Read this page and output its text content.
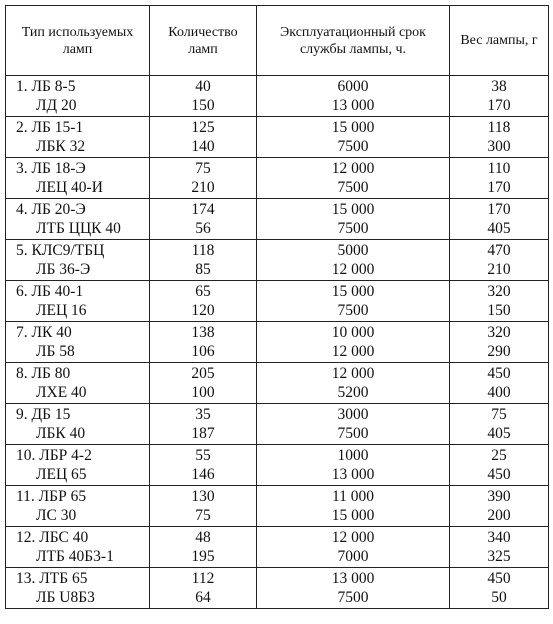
Тип используемых ламп	Количество ламп	Эксплуатационный срок службы лампы, ч.	Вес лампы, г
1. ЛБ 8-5	40	6000	38
ЛД 20	150	13 000	170
2. ЛБ 15-1	125	15 000	118
ЛБК 32	140	7500	300
3. ЛБ 18-Э	75	12 000	110
ЛЕЦ 40-И	210	7500	170
4. ЛБ 20-Э	174	15 000	170
ЛТБ ЦЦК 40	56	7500	405
5. КЛС9/ТБЦ	118	5000	470
ЛБ 36-Э	85	12 000	210
6. ЛБ 40-1	65	15 000	320
ЛЕЦ 16	120	7500	150
7. ЛК 40	138	10 000	320
ЛБ 58	106	12 000	290
8. ЛБ 80	205	12 000	450
ЛХЕ 40	100	5200	400
9. ДБ 15	35	3000	75
ЛБК 40	187	7500	405
10. ЛБР 4-2	55	1000	25
ЛЕЦ 65	146	13 000	450
11. ЛБР 65	130	11 000	390
ЛС 30	75	15 000	200
12. ЛБС 40	48	12 000	340
ЛТБ 40Б3-1	195	7000	325
13. ЛТБ 65	112	13 000	450
ЛБ U8Б3	64	7500	50
